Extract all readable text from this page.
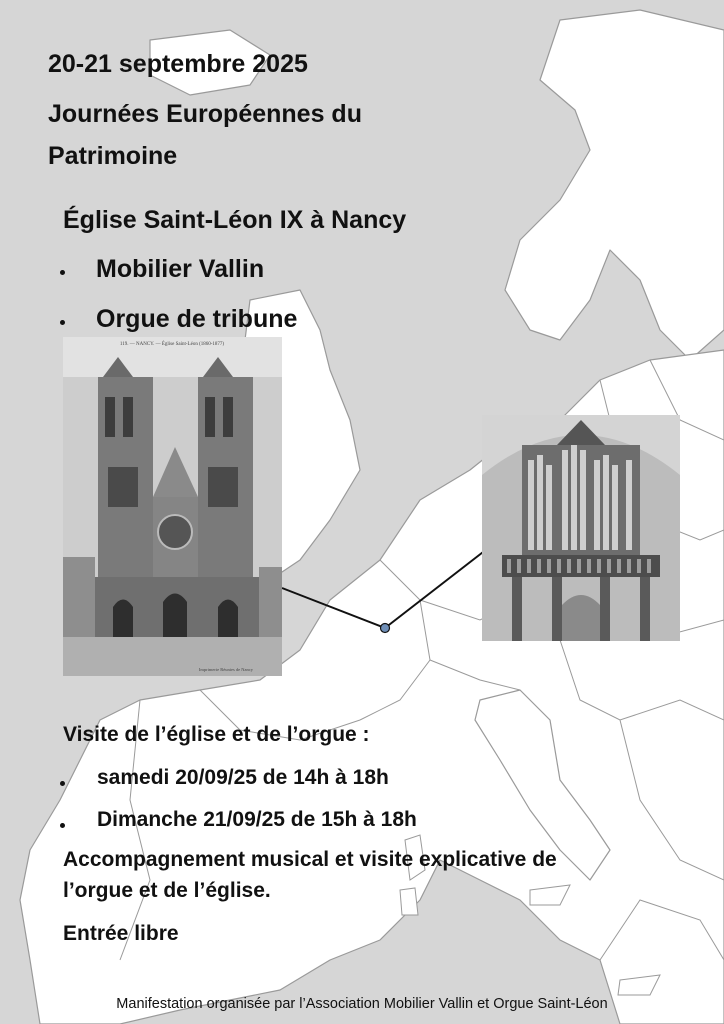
20-21 septembre 2025

Journées Européennes du

Patrimoine

Église Saint-Léon IX à Nancy

Mobilier Vallin

Orgue de tribune

119. — NANCY. — Église Saint-Léon (1860-1877)
Imprimerie Réunies de Nancy

Visite de l’église et de l’orgue :

samedi 20/09/25 de 14h à 18h

Dimanche 21/09/25 de 15h à 18h

Accompagnement musical et visite explicative de

l’orgue et de l’église.

Entrée libre

Manifestation organisée par l’Association Mobilier Vallin et Orgue Saint-Léon
